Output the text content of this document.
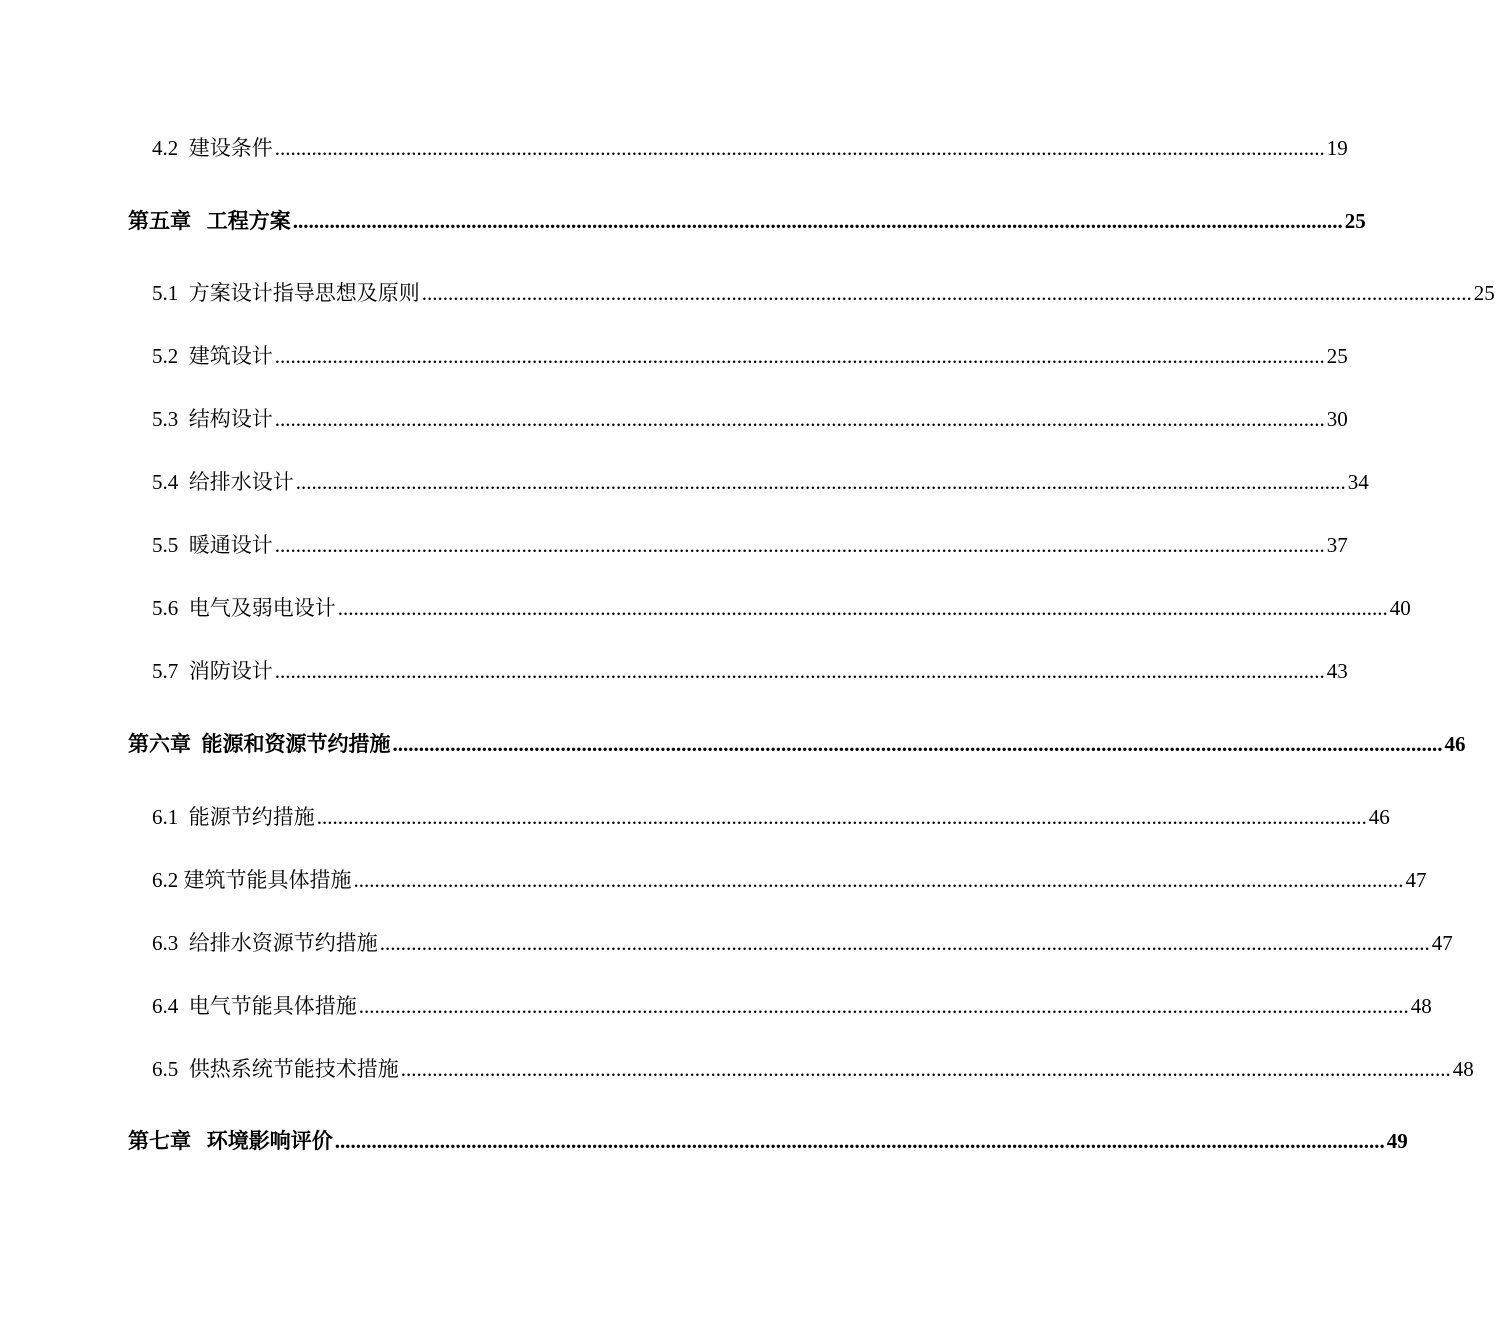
4.2  建设条件 ........................................................................................................................................................................................................ 19
第五章   工程方案 ........................................................................................................................................................................................................ 25
5.1  方案设计指导思想及原则 ........................................................................................................................................................................................................ 25
5.2  建筑设计 ........................................................................................................................................................................................................ 25
5.3  结构设计 ........................................................................................................................................................................................................ 30
5.4  给排水设计 ........................................................................................................................................................................................................ 34
5.5  暖通设计 ........................................................................................................................................................................................................ 37
5.6  电气及弱电设计 ........................................................................................................................................................................................................ 40
5.7  消防设计 ........................................................................................................................................................................................................ 43
第六章  能源和资源节约措施 ........................................................................................................................................................................................................ 46
6.1  能源节约措施 ........................................................................................................................................................................................................ 46
6.2 建筑节能具体措施 ........................................................................................................................................................................................................ 47
6.3  给排水资源节约措施 ........................................................................................................................................................................................................ 47
6.4  电气节能具体措施 ........................................................................................................................................................................................................ 48
6.5  供热系统节能技术措施 ........................................................................................................................................................................................................ 48
第七章   环境影响评价 ........................................................................................................................................................................................................ 49
